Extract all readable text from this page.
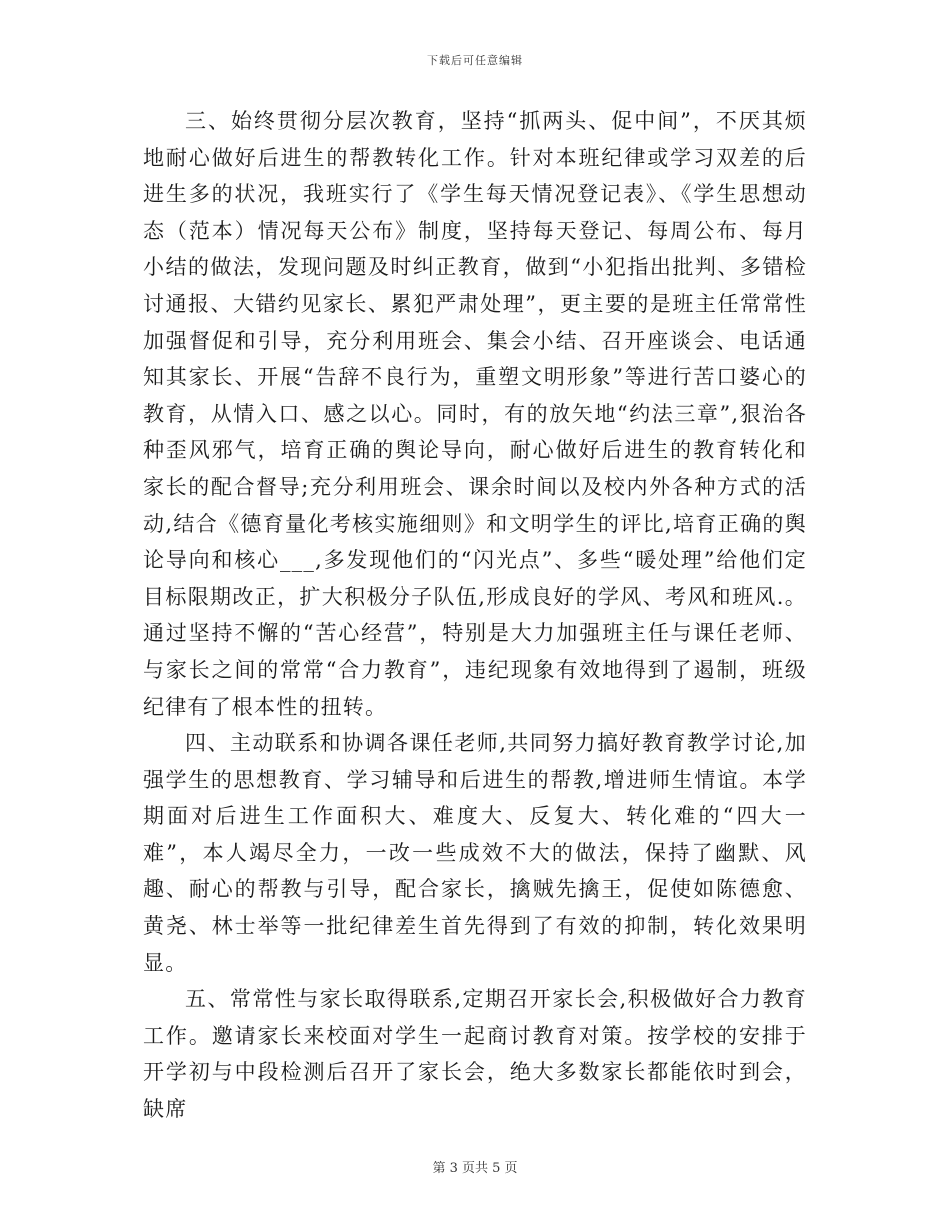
下载后可任意编辑

三、始终贯彻分层次教育，坚持“抓两头、促中间”，不厌其烦地耐心做好后进生的帮教转化工作。针对本班纪律或学习双差的后进生多的状况，我班实行了《学生每天情况登记表》、《学生思想动态（范本）情况每天公布》制度，坚持每天登记、每周公布、每月小结的做法，发现问题及时纠正教育，做到“小犯指出批判、多错检讨通报、大错约见家长、累犯严肃处理”，更主要的是班主任常常性加强督促和引导，充分利用班会、集会小结、召开座谈会、电话通知其家长、开展“告辞不良行为，重塑文明形象”等进行苦口婆心的教育，从情入口、感之以心。同时，有的放矢地“约法三章”,狠治各种歪风邪气，培育正确的舆论导向，耐心做好后进生的教育转化和家长的配合督导;充分利用班会、课余时间以及校内外各种方式的活动,结合《德育量化考核实施细则》和文明学生的评比,培育正确的舆论导向和核心___,多发现他们的“闪光点”、多些“暖处理”给他们定目标限期改正，扩大积极分子队伍,形成良好的学风、考风和班风.。通过坚持不懈的“苦心经营”，特别是大力加强班主任与课任老师、与家长之间的常常“合力教育”，违纪现象有效地得到了遏制，班级纪律有了根本性的扭转。

四、主动联系和协调各课任老师,共同努力搞好教育教学讨论,加强学生的思想教育、学习辅导和后进生的帮教,增进师生情谊。本学期面对后进生工作面积大、难度大、反复大、转化难的“四大一难”，本人竭尽全力，一改一些成效不大的做法，保持了幽默、风趣、耐心的帮教与引导，配合家长，擒贼先擒王，促使如陈德愈、黄尧、林士举等一批纪律差生首先得到了有效的抑制，转化效果明显。

五、常常性与家长取得联系,定期召开家长会,积极做好合力教育工作。邀请家长来校面对学生一起商讨教育对策。按学校的安排于开学初与中段检测后召开了家长会，绝大多数家长都能依时到会，缺席

第 3 页共 5 页
